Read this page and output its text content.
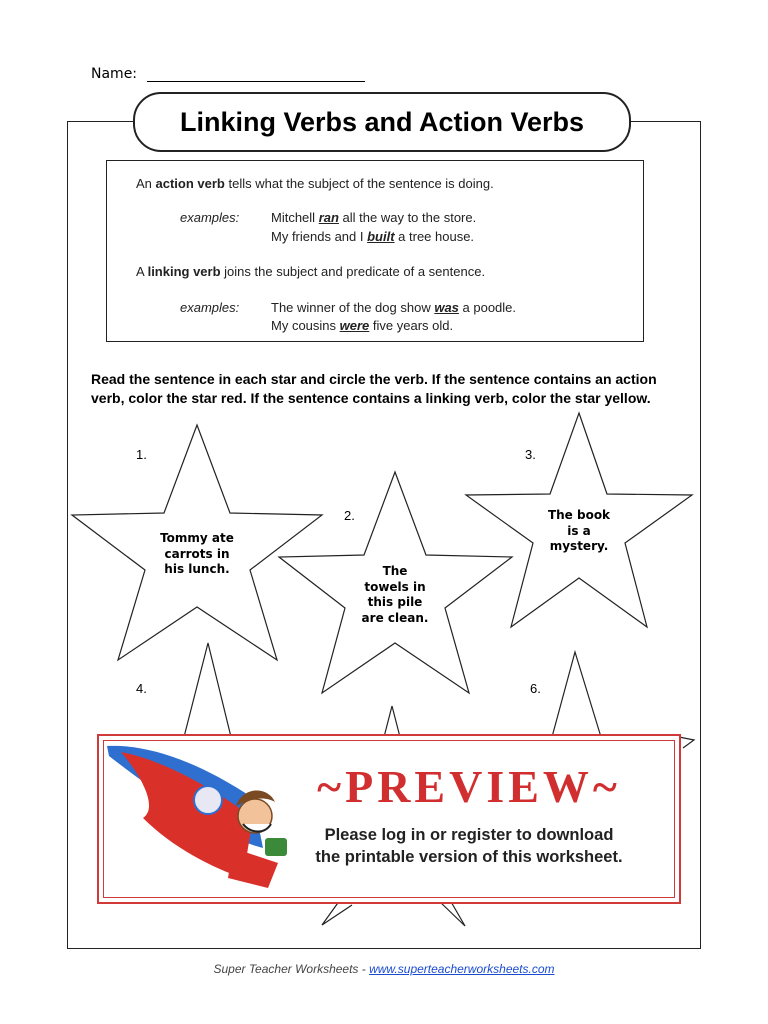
Name:
Linking Verbs and Action Verbs
An action verb tells what the subject of the sentence is doing.
examples: Mitchell ran all the way to the store.
My friends and I built a tree house.
A linking verb joins the subject and predicate of a sentence.
examples: The winner of the dog show was a poodle.
My cousins were five years old.
Read the sentence in each star and circle the verb. If the sentence contains an action verb, color the star red. If the sentence contains a linking verb, color the star yellow.
1.
2.
3.
4.	6.
Tommy ate
carrots in
his lunch.	The
towels in
this pile
are clean.
The book
is a
mystery.
~PREVIEW~
Please log in or register to download
the printable version of this worksheet.
Super Teacher Worksheets - www.superteacherworksheets.com
